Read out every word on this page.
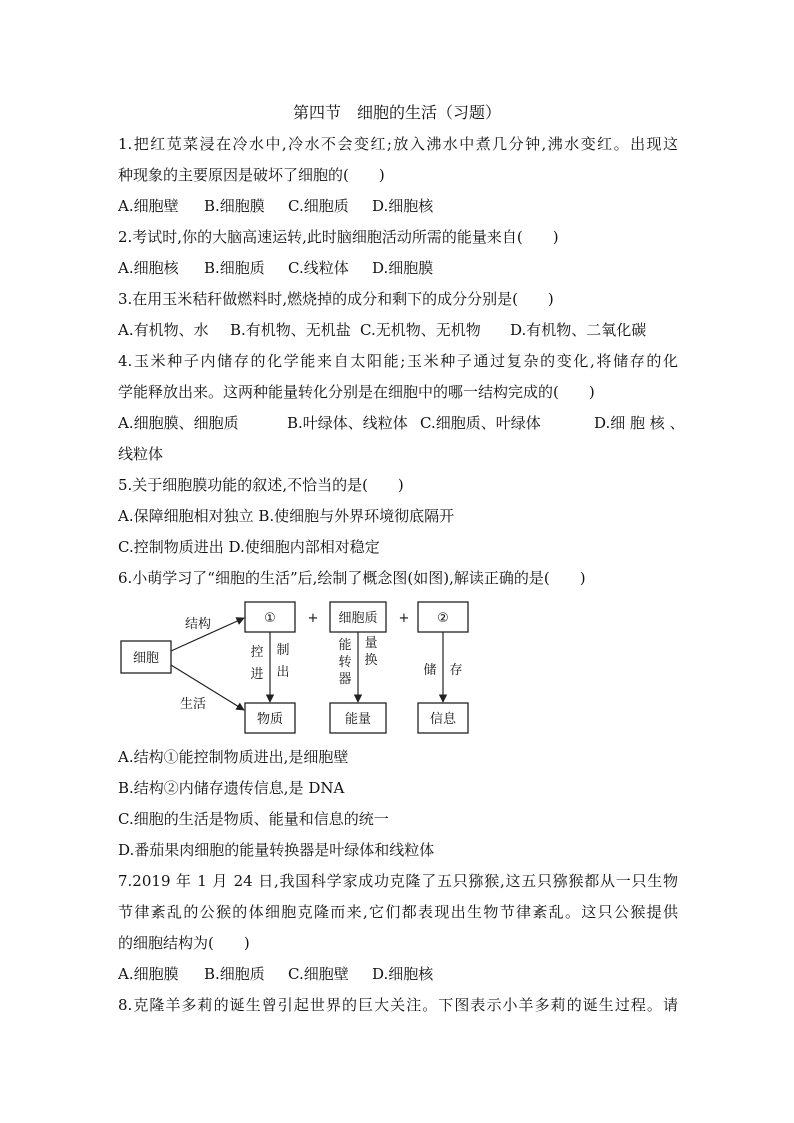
第四节　细胞的生活（习题）
1.把红苋菜浸在冷水中,冷水不会变红;放入沸水中煮几分钟,沸水变红。出现这
种现象的主要原因是破坏了细胞的(　　)
A.细胞壁 B.细胞膜 C.细胞质 D.细胞核
2.考试时,你的大脑高速运转,此时脑细胞活动所需的能量来自(　　)
A.细胞核 B.细胞质 C.线粒体 D.细胞膜
3.在用玉米秸秆做燃料时,燃烧掉的成分和剩下的成分分别是(　　)
A.有机物、水 B.有机物、无机盐 C.无机物、无机物 D.有机物、二氧化碳
4.玉米种子内储存的化学能来自太阳能;玉米种子通过复杂的变化,将储存的化
学能释放出来。这两种能量转化分别是在细胞中的哪一结构完成的(　　)
A.细胞膜、细胞质	B.叶绿体、线粒体 C.细胞质、叶绿体	D.细 胞 核 、
线粒体
5.关于细胞膜功能的叙述,不恰当的是(　　)
A.保障细胞相对独立 B.使细胞与外界环境彻底隔开
C.控制物质进出 D.使细胞内部相对稳定
6.小萌学习了“细胞的生活”后,绘制了概念图(如图),解读正确的是(　　)
细胞
结构
生活
① + 细胞质 + ②
控
进
制
出
能
转
器
量
换
储 存
物质	能量	信息
A.结构①能控制物质进出,是细胞壁
B.结构②内储存遗传信息,是 DNA
C.细胞的生活是物质、能量和信息的统一
D.番茄果肉细胞的能量转换器是叶绿体和线粒体
7.2019 年 1 月 24 日,我国科学家成功克隆了五只猕猴,这五只猕猴都从一只生物
节律紊乱的公猴的体细胞克隆而来,它们都表现出生物节律紊乱。这只公猴提供
的细胞结构为(　　)
A.细胞膜 B.细胞质 C.细胞壁 D.细胞核
8.克隆羊多莉的诞生曾引起世界的巨大关注。下图表示小羊多莉的诞生过程。请
